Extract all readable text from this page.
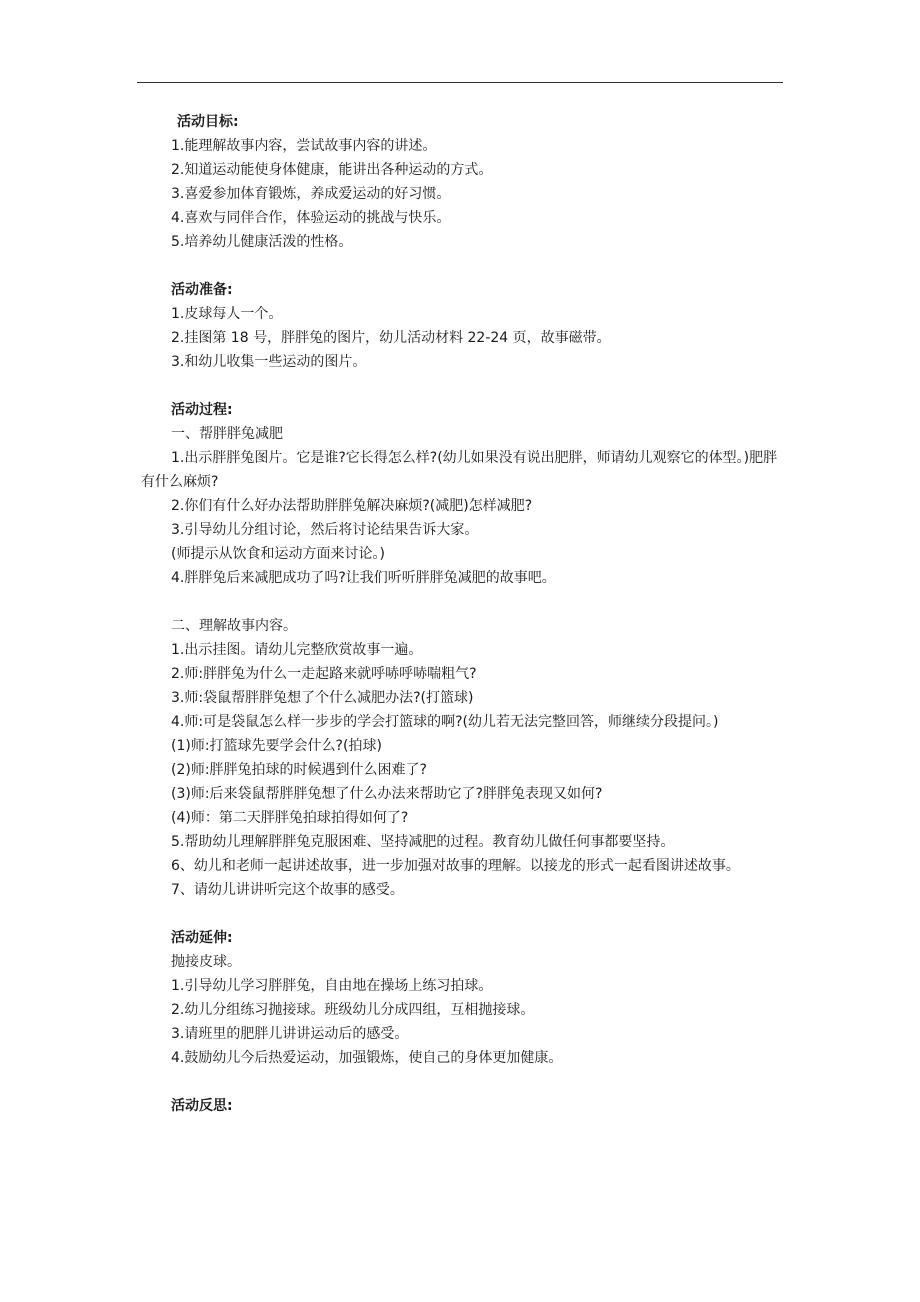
活动目标:
1.能理解故事内容，尝试故事内容的讲述。
2.知道运动能使身体健康，能讲出各种运动的方式。
3.喜爱参加体育锻炼，养成爱运动的好习惯。
4.喜欢与同伴合作，体验运动的挑战与快乐。
5.培养幼儿健康活泼的性格。
活动准备:
1.皮球每人一个。
2.挂图第 18 号，胖胖兔的图片，幼儿活动材料 22-24 页，故事磁带。
3.和幼儿收集一些运动的图片。
活动过程:
一、帮胖胖兔减肥
1.出示胖胖兔图片。它是谁?它长得怎么样?(幼儿如果没有说出肥胖，师请幼儿观察它的体型。)肥胖有什么麻烦?
2.你们有什么好办法帮助胖胖兔解决麻烦?(减肥)怎样减肥?
3.引导幼儿分组讨论，然后将讨论结果告诉大家。
(师提示从饮食和运动方面来讨论。)
4.胖胖兔后来减肥成功了吗?让我们听听胖胖兔减肥的故事吧。
二、理解故事内容。
1.出示挂图。请幼儿完整欣赏故事一遍。
2.师:胖胖兔为什么一走起路来就呼哧呼哧喘粗气?
3.师:袋鼠帮胖胖兔想了个什么减肥办法?(打篮球)
4.师:可是袋鼠怎么样一步步的学会打篮球的啊?(幼儿若无法完整回答，师继续分段提问。)
(1)师:打篮球先要学会什么?(拍球)
(2)师:胖胖兔拍球的时候遇到什么困难了?
(3)师:后来袋鼠帮胖胖兔想了什么办法来帮助它了?胖胖兔表现又如何?
(4)师：第二天胖胖兔拍球拍得如何了?
5.帮助幼儿理解胖胖兔克服困难、坚持减肥的过程。教育幼儿做任何事都要坚持。
6、幼儿和老师一起讲述故事，进一步加强对故事的理解。以接龙的形式一起看图讲述故事。
7、请幼儿讲讲听完这个故事的感受。
活动延伸:
抛接皮球。
1.引导幼儿学习胖胖兔，自由地在操场上练习拍球。
2.幼儿分组练习抛接球。班级幼儿分成四组，互相抛接球。
3.请班里的肥胖儿讲讲运动后的感受。
4.鼓励幼儿今后热爱运动，加强锻炼，使自己的身体更加健康。
活动反思:
